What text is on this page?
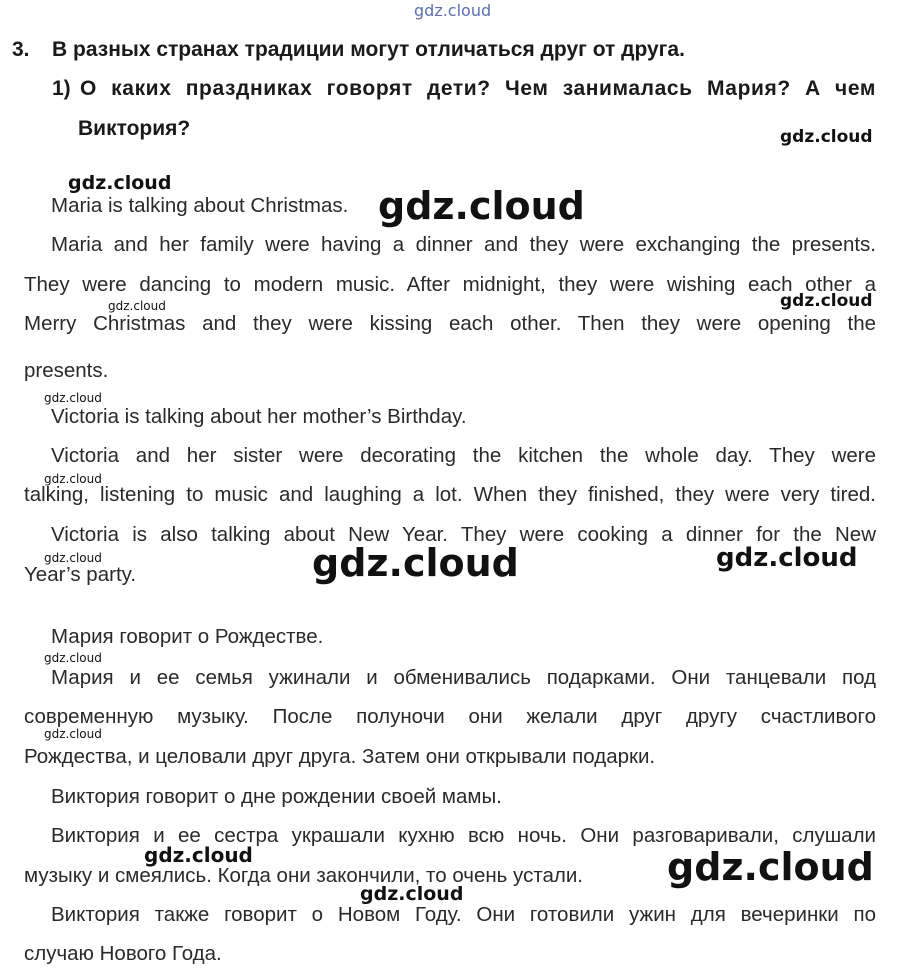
gdz.cloud
3. В разных странах традиции могут отличаться друг от друга.
1) О каких праздниках говорят дети? Чем занималась Мария? А чем
Виктория?
Maria is talking about Christmas.
Maria and her family were having a dinner and they were exchanging the presents.
They were dancing to modern music. After midnight, they were wishing each other a
Merry Christmas and they were kissing each other. Then they were opening the
presents.
Victoria is talking about her mother’s Birthday.
Victoria and her sister were decorating the kitchen the whole day. They were
talking, listening to music and laughing a lot. When they finished, they were very tired.
Victoria is also talking about New Year. They were cooking a dinner for the New
Year’s party.
Мария говорит о Рождестве.
Мария и ее семья ужинали и обменивались подарками. Они танцевали под
современную музыку. После полуночи они желали друг другу счастливого
Рождества, и целовали друг друга. Затем они открывали подарки.
Виктория говорит о дне рождении своей мамы.
Виктория и ее сестра украшали кухню всю ночь. Они разговаривали, слушали
музыку и смеялись. Когда они закончили, то очень устали.
Виктория также говорит о Новом Году. Они готовили ужин для вечеринки по
случаю Нового Года.
gdz.cloud
gdz.cloud
gdz.cloud
gdz.cloud	gdz.cloud
gdz.cloud
gdz.cloud
gdz.cloud	gdz.cloud	gdz.cloud
gdz.cloud
gdz.cloud
gdz.cloud	gdz.cloud
gdz.cloud
